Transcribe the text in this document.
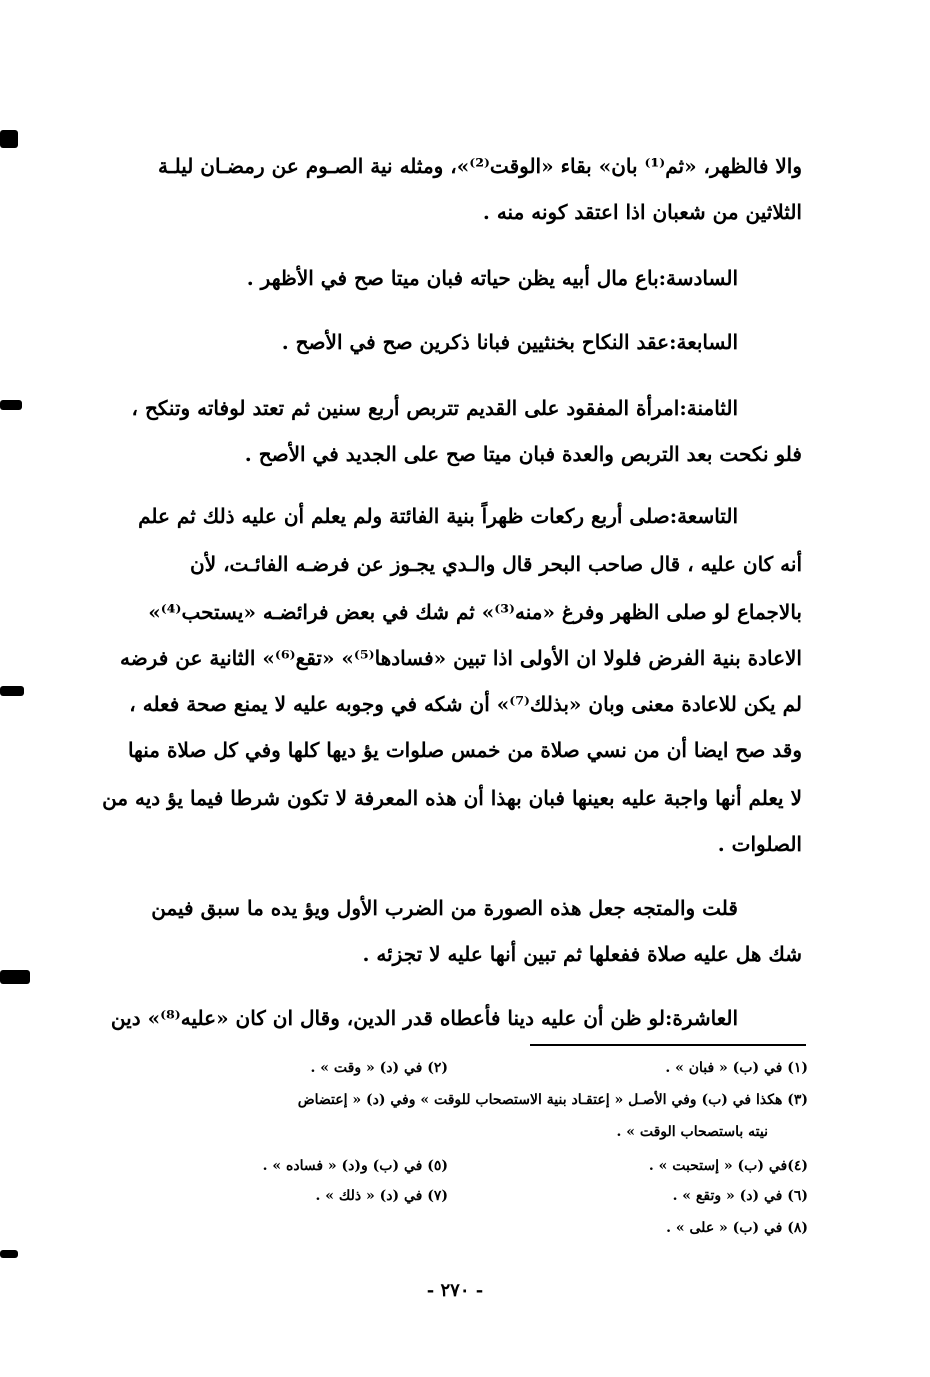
والا فالظهر، «ثم⁽¹⁾ بان» بقاء «الوقت⁽²⁾»، ومثله نية الصـوم عن رمضـان ليلـة
الثلاثين من شعبان اذا اعتقد كونه منه .
السادسة:باع مال أبيه يظن حياته فبان ميتا صح في الأظهر .
السابعة:عقد النكاح بخنثيين فبانا ذكرين صح في الأصح .
الثامنة:امرأة المفقود على القديم تتربص أربع سنين ثم تعتد لوفاته وتنكح ،
فلو نكحت بعد التربص والعدة فبان ميتا صح على الجديد في الأصح .
التاسعة:صلى أربع ركعات ظهراً بنية الفائتة ولم يعلم أن عليه ذلك ثم علم
أنه كان عليه ، قال صاحب البحر قال والـدي يجـوز عن فرضـه الفائـت، لأن
بالاجماع لو صلى الظهر وفرغ «منه⁽³⁾» ثم شك في بعض فرائضـه «يستحب⁽⁴⁾»
الاعادة بنية الفرض فلولا ان الأولى اذا تبين «فسادها⁽⁵⁾» «تقع⁽⁶⁾» الثانية عن فرضه
لم يكن للاعادة معنى وبان «بذلك⁽⁷⁾» أن شكه في وجوبه عليه لا يمنع صحة فعله ،
وقد صح ايضا أن من نسي صلاة من خمس صلوات يؤ ديها كلها وفي كل صلاة منها
لا يعلم أنها واجبة عليه بعينها فبان بهذا أن هذه المعرفة لا تكون شرطا فيما يؤ ديه من
الصلوات .
قلت والمتجه جعل هذه الصورة من الضرب الأول ويؤ يده ما سبق فيمن
شك هل عليه صلاة ففعلها ثم تبين أنها عليه لا تجزئه .
العاشرة:لو ظن أن عليه دينا فأعطاه قدر الدين، وقال ان كان «عليه⁽⁸⁾» دين
(١) في (ب) « فبان » .
(٢) في (د) « وقت » .
(٣) هكذا في (ب) وفي الأصـل « إعتقـاد بنية الاستصحاب للوقت » وفي (د) « إعتضاض
نيته باستصحاب الوقت » .
(٤)في (ب) « إستحبت » .
(٥) في (ب) و(د) « فساده » .
(٦) في (د) « وتقع » .
(٧) في (د) « ذلك » .
(٨) في (ب) « على » .
- ٢٧٠ -
